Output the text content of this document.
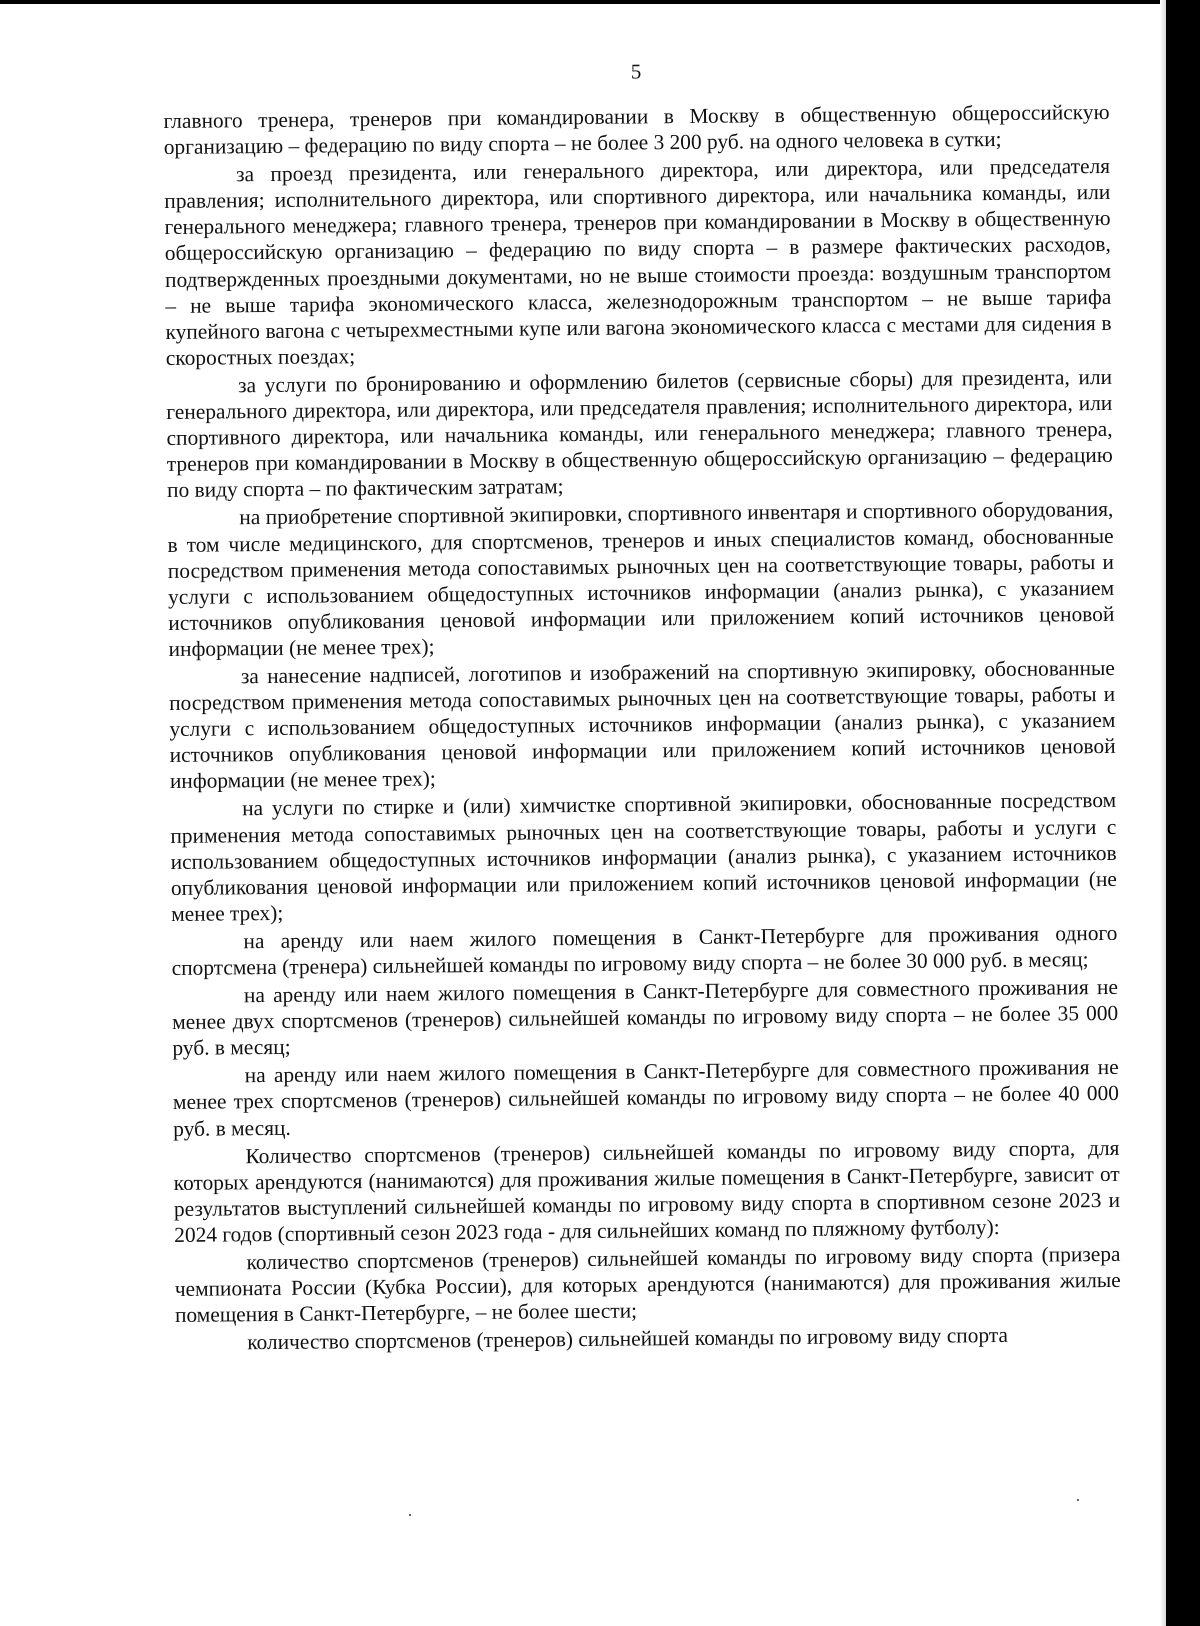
5

главного тренера, тренеров при командировании в Москву в общественную общероссийскую организацию – федерацию по виду спорта – не более 3 200 руб. на одного человека в сутки;

за проезд президента, или генерального директора, или директора, или председателя правления; исполнительного директора, или спортивного директора, или начальника команды, или генерального менеджера; главного тренера, тренеров при командировании в Москву в общественную общероссийскую организацию – федерацию по виду спорта – в размере фактических расходов, подтвержденных проездными документами, но не выше стоимости проезда: воздушным транспортом – не выше тарифа экономического класса, железнодорожным транспортом – не выше тарифа купейного вагона с четырехместными купе или вагона экономического класса с местами для сидения в скоростных поездах;

за услуги по бронированию и оформлению билетов (сервисные сборы) для президента, или генерального директора, или директора, или председателя правления; исполнительного директора, или спортивного директора, или начальника команды, или генерального менеджера; главного тренера, тренеров при командировании в Москву в общественную общероссийскую организацию – федерацию по виду спорта – по фактическим затратам;

на приобретение спортивной экипировки, спортивного инвентаря и спортивного оборудования, в том числе медицинского, для спортсменов, тренеров и иных специалистов команд, обоснованные посредством применения метода сопоставимых рыночных цен на соответствующие товары, работы и услуги с использованием общедоступных источников информации (анализ рынка), с указанием источников опубликования ценовой информации или приложением копий источников ценовой информации (не менее трех);

за нанесение надписей, логотипов и изображений на спортивную экипировку, обоснованные посредством применения метода сопоставимых рыночных цен на соответствующие товары, работы и услуги с использованием общедоступных источников информации (анализ рынка), с указанием источников опубликования ценовой информации или приложением копий источников ценовой информации (не менее трех);

на услуги по стирке и (или) химчистке спортивной экипировки, обоснованные посредством применения метода сопоставимых рыночных цен на соответствующие товары, работы и услуги с использованием общедоступных источников информации (анализ рынка), с указанием источников опубликования ценовой информации или приложением копий источников ценовой информации (не менее трех);

на аренду или наем жилого помещения в Санкт-Петербурге для проживания одного спортсмена (тренера) сильнейшей команды по игровому виду спорта – не более 30 000 руб. в месяц;

на аренду или наем жилого помещения в Санкт-Петербурге для совместного проживания не менее двух спортсменов (тренеров) сильнейшей команды по игровому виду спорта – не более 35 000 руб. в месяц;

на аренду или наем жилого помещения в Санкт-Петербурге для совместного проживания не менее трех спортсменов (тренеров) сильнейшей команды по игровому виду спорта – не более 40 000 руб. в месяц.

Количество спортсменов (тренеров) сильнейшей команды по игровому виду спорта, для которых арендуются (нанимаются) для проживания жилые помещения в Санкт-Петербурге, зависит от результатов выступлений сильнейшей команды по игровому виду спорта в спортивном сезоне 2023 и 2024 годов (спортивный сезон 2023 года - для сильнейших команд по пляжному футболу):

количество спортсменов (тренеров) сильнейшей команды по игровому виду спорта (призера чемпионата России (Кубка России), для которых арендуются (нанимаются) для проживания жилые помещения в Санкт-Петербурге, – не более шести;

количество спортсменов (тренеров) сильнейшей команды по игровому виду спорта
